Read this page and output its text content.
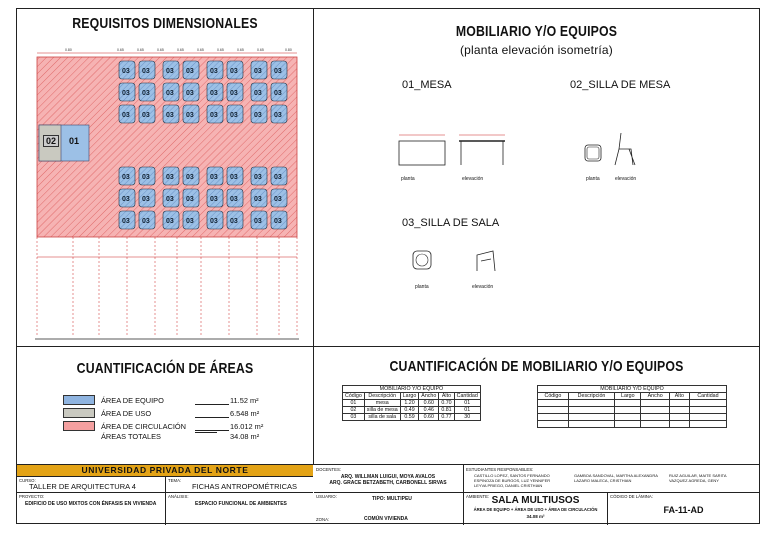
REQUISITOS DIMENSIONALES	MOBILIARIO Y/O EQUIPOS
(planta elevación isometría)
CUANTIFICACIÓN DE ÁREAS	CUANTIFICACIÓN DE MOBILIARIO Y/O EQUIPOS
0.80	0.65	0.65	0.65	0.65	0.65	0.65	0.65	0.65	0.80
03 03 03 03 03 03 03 03
03 03 03 03 03 03 03 03
03 03 03 03 03 03 03 03
03 03 03 03 03 03 03 03
03 03 03 03 03 03 03 03
03 03 03 03 03 03 03 03
02	01
01_MESA	02_SILLA DE MESA
03_SILLA DE SALA
planta	elevación	planta	elevación
planta	elevación
ÁREAS TOTALES	34.08 m²
MOBILIARIO Y/O EQUIPO					
Código	Descripción	Largo	Ancho	Alto	Cantidad
01	mesa	1.20	0.60	0.70	01
02	silla de mesa	0.49	0.46	0.81	01
03	silla de sala	0.59	0.60	0.77	30
MOBILIARIO Y/O EQUIPO					
Código	Descripción	Largo	Ancho	Alto	Cantidad

UNIVERSIDAD PRIVADA DEL NORTE
CURSO:
TALLER DE ARQUITECTURA 4
TEMA:
FICHAS ANTROPOMÉTRICAS
PROYECTO:
EDIFICIO DE USO MIXTOS CON ÉNFASIS EN VIVIENDA
ANÁLISIS:
ESPACIO FUNCIONAL DE AMBIENTES
DOCENTES:
ARQ. WILLMAN LUIGUI, MOYA AVALOS
ARQ. GRACE BETZABETH, CARBONELL SIRVAS
USUARIO:	TIPO: MULTIPEU
ZONA:	COMÚN VIVIENDA
ESTUDIANTES RESPONSABLES:
CASTILLO LOPEZ, SANTOS FERNANDO
ESPINOZA DE BURGOS, LUZ YENNIFER
LEYVA PRIEGO, DANIEL CRISTHIAN
GAMBOA SANDOVAL, MARTHA ALEXANDRA
LAZARO MALECA, CRISTHIAN
RUIZ AGUILAR, MAITE SARITA
VAZQUEZ AGREDA, GENY
AMBIENTE: SALA MULTIUSOS
ÁREA DE EQUIPO + ÁREA DE USO + ÁREA DE CIRCULACIÓN
34.08 m²
CÓDIGO DE LÁMINA:
FA-11-AD
ÁREA DE EQUIPO	11.52 m²
ÁREA DE USO	6.548 m²
ÁREA DE CIRCULACIÓN	16.012 m²
